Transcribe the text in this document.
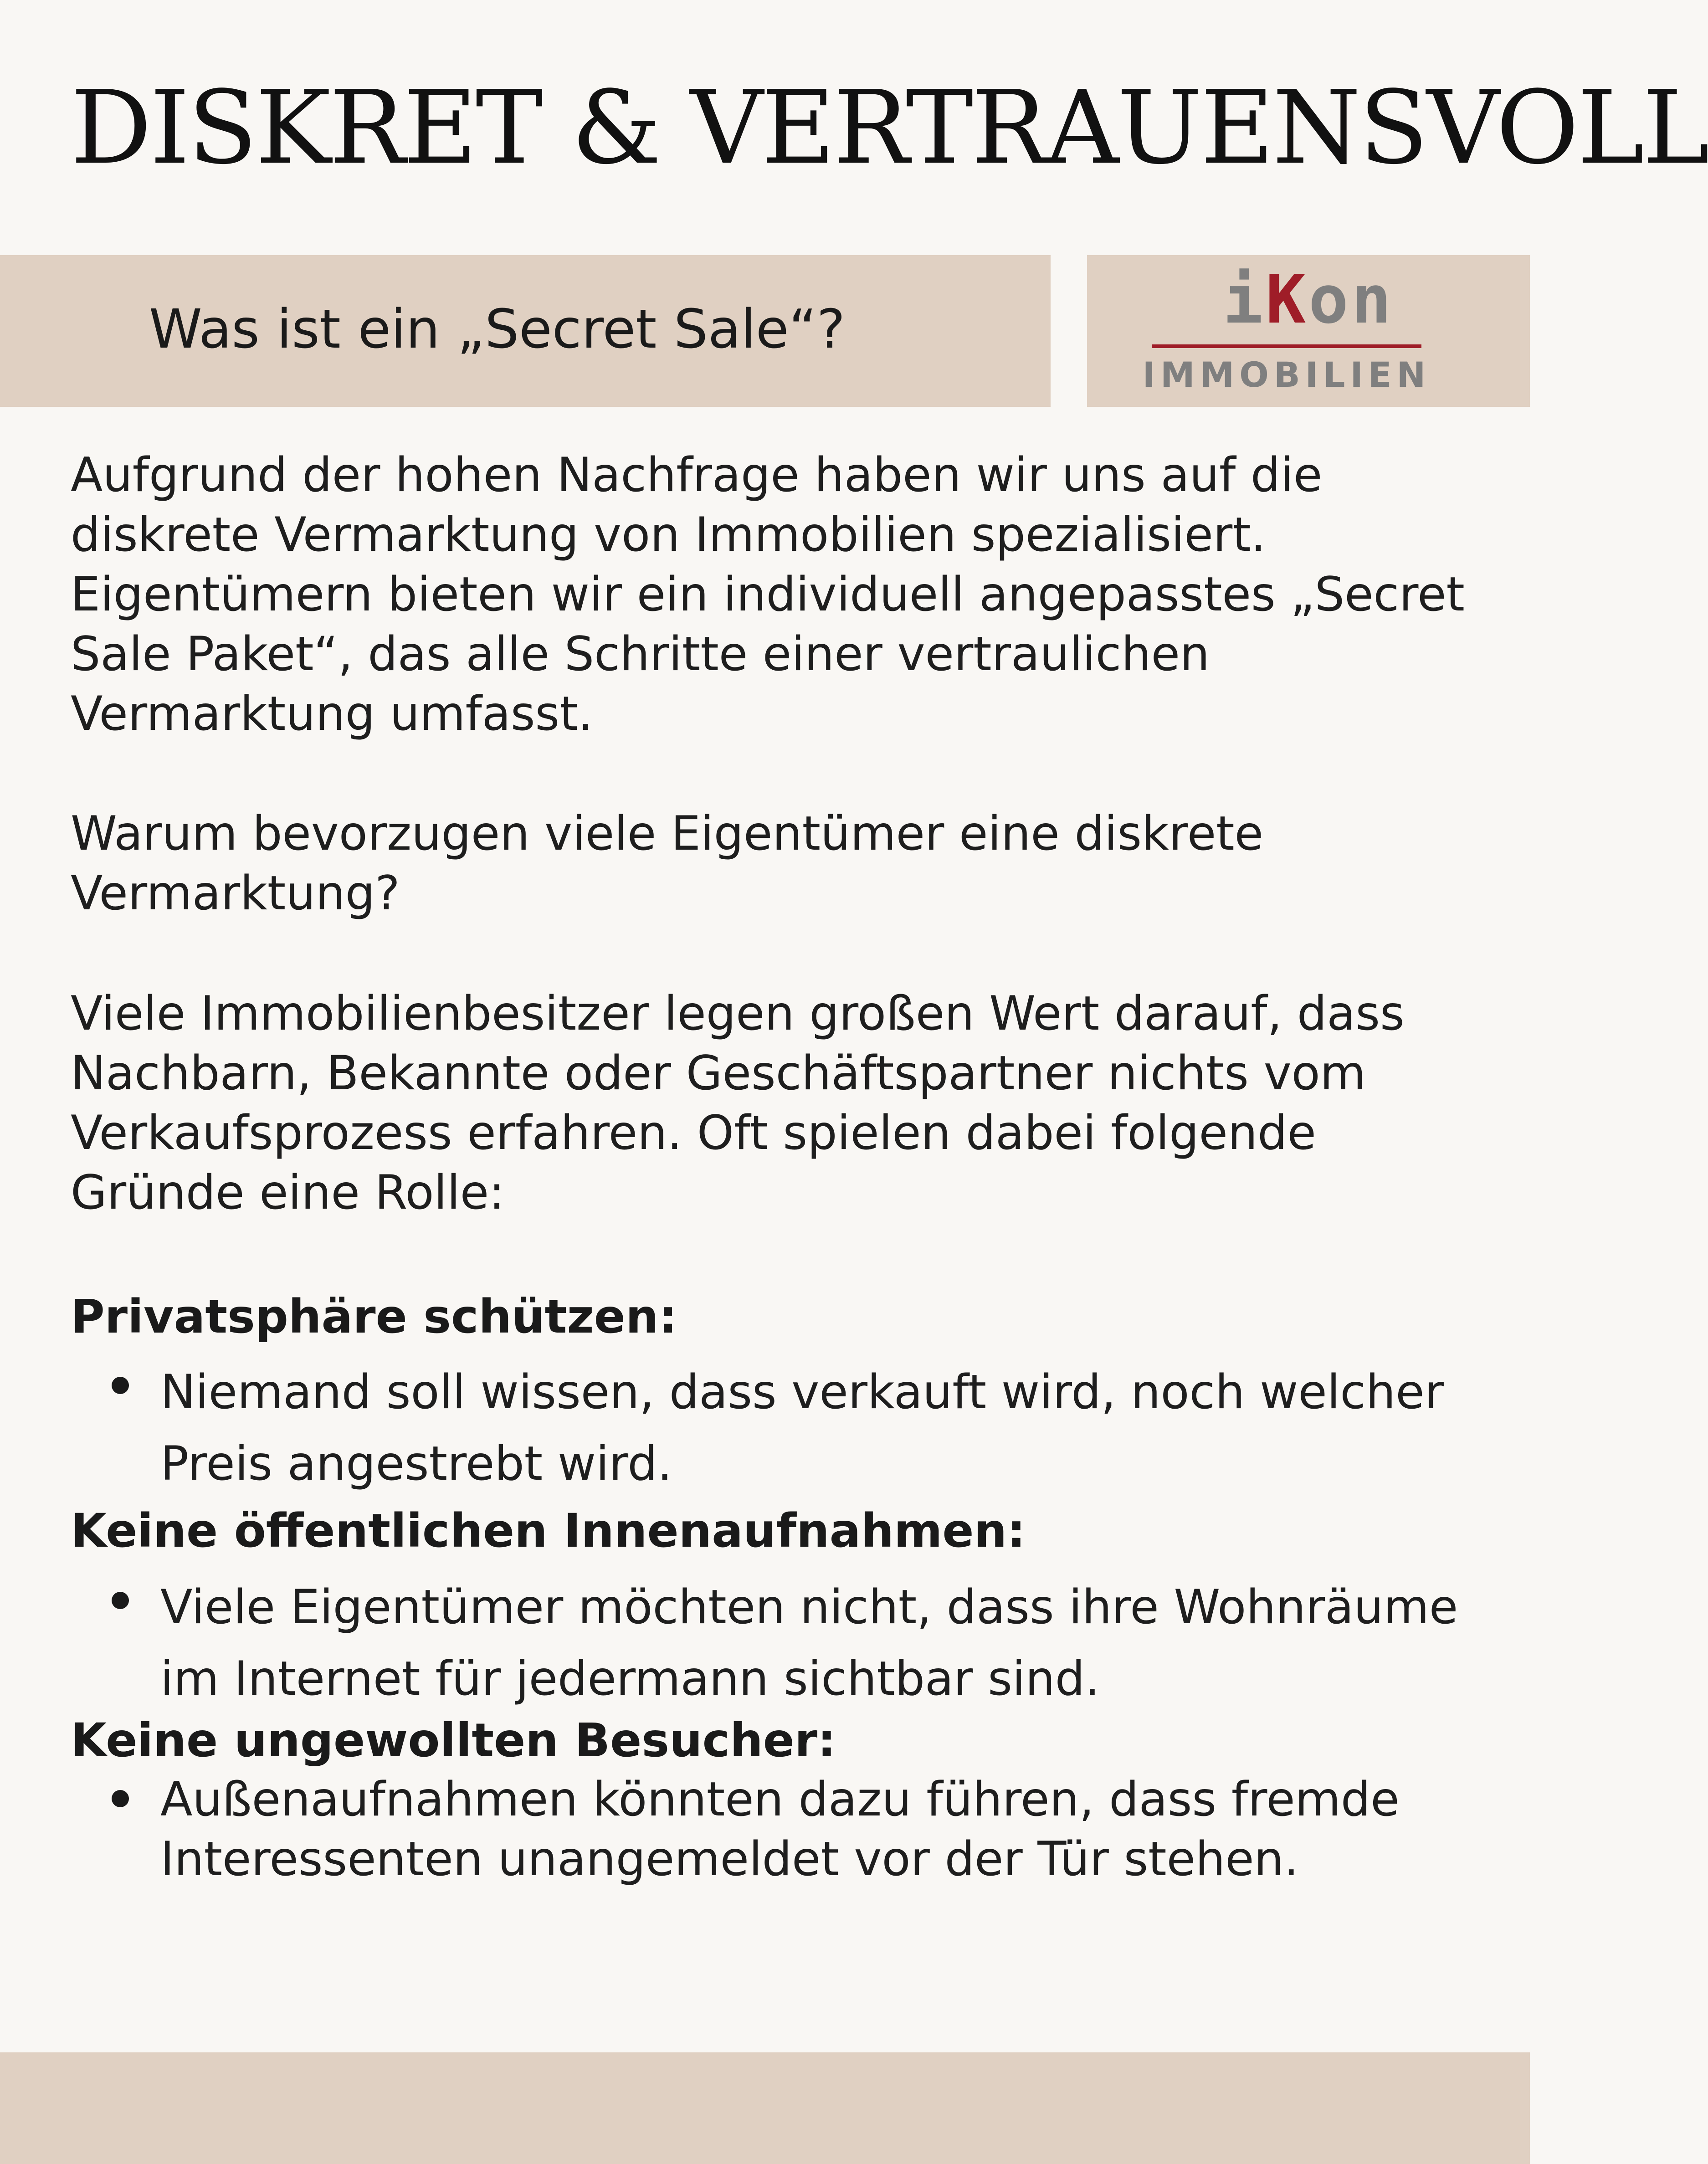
DISKRET & VERTRAUENSVOLL
Was ist ein „Secret Sale“?	iKon
IMMOBILIEN

Aufgrund der hohen Nachfrage haben wir uns auf die diskrete Vermarktung von Immobilien spezialisiert. Eigentümern bieten wir ein individuell angepasstes „Secret Sale Paket“, das alle Schritte einer vertraulichen Vermarktung umfasst.

Warum bevorzugen viele Eigentümer eine diskrete Vermarktung?

Viele Immobilienbesitzer legen großen Wert darauf, dass Nachbarn, Bekannte oder Geschäftspartner nichts vom Verkaufsprozess erfahren. Oft spielen dabei folgende Gründe eine Rolle:

Privatsphäre schützen:
Niemand soll wissen, dass verkauft wird, noch welcher Preis angestrebt wird.
Keine öffentlichen Innenaufnahmen:
Viele Eigentümer möchten nicht, dass ihre Wohnräume im Internet für jedermann sichtbar sind.
Keine ungewollten Besucher:
Außenaufnahmen könnten dazu führen, dass fremde Interessenten unangemeldet vor der Tür stehen.
